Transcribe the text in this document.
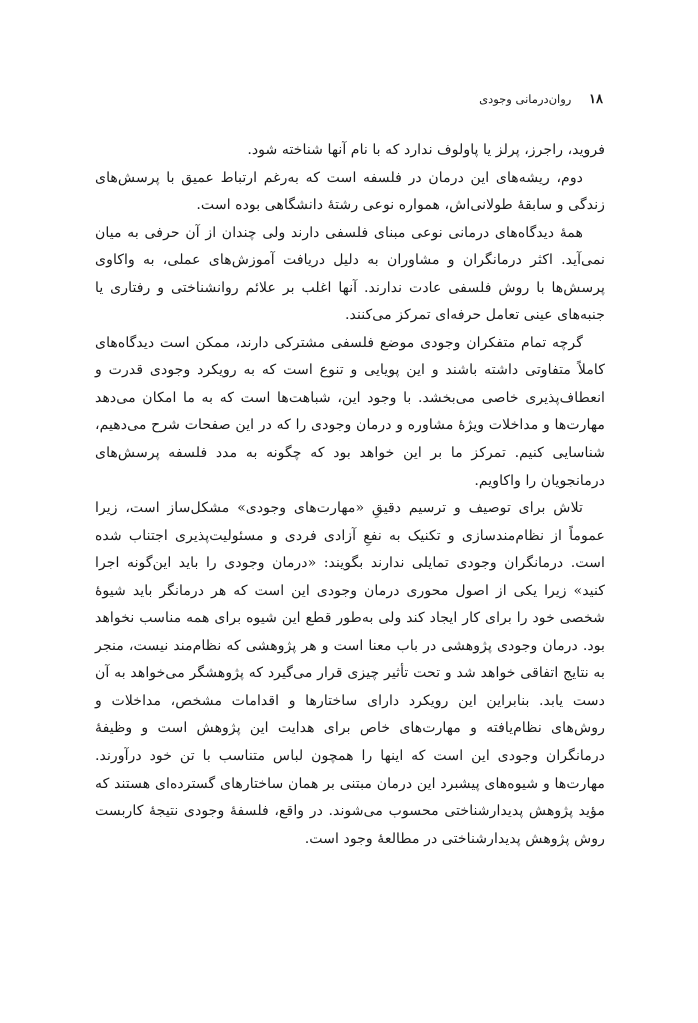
۱۸ روان‌درمانی وجودی

فروید، راجرز، پرلز یا پاولوف ندارد که با نام آنها شناخته شود.

دوم، ریشه‌های این درمان در فلسفه است که به‌رغم ارتباط عمیق با پرسش‌های زندگی و سابقهٔ طولانی‌اش، همواره نوعی رشتهٔ دانشگاهی بوده است.

همهٔ دیدگاه‌های درمانی نوعی مبنای فلسفی دارند ولی چندان از آن حرفی به میان نمی‌آید. اکثر درمانگران و مشاوران به دلیل دریافت آموزش‌های عملی، به واکاوی پرسش‌ها با روش فلسفی عادت ندارند. آنها اغلب بر علائم روانشناختی و رفتاری یا جنبه‌های عینی تعامل حرفه‌ای تمرکز می‌کنند.

گرچه تمام متفکران وجودی موضع فلسفی مشترکی دارند، ممکن است دیدگاه‌های کاملاً متفاوتی داشته باشند و این پویایی و تنوع است که به رویکرد وجودی قدرت و انعطاف‌پذیری خاصی می‌بخشد. با وجود این، شباهت‌ها است که به ما امکان می‌دهد مهارت‌ها و مداخلات ویژهٔ مشاوره و درمان وجودی را که در این صفحات شرح می‌دهیم، شناسایی کنیم. تمرکز ما بر این خواهد بود که چگونه به مدد فلسفه پرسش‌های درمانجویان را واکاویم.

تلاش برای توصیف و ترسیم دقیقِ «مهارت‌های وجودی» مشکل‌ساز است، زیرا عموماً از نظام‌مندسازی و تکنیک به نفعِ آزادی فردی و مسئولیت‌پذیری اجتناب شده است. درمانگران وجودی تمایلی ندارند بگویند: «درمان وجودی را باید این‌گونه اجرا کنید» زیرا یکی از اصول محوری درمان وجودی این است که هر درمانگر باید شیوهٔ شخصی خود را برای کار ایجاد کند ولی به‌طور قطع این شیوه برای همه مناسب نخواهد بود. درمان وجودی پژوهشی در باب معنا است و هر پژوهشی که نظام‌مند نیست، منجر به نتایج اتفاقی خواهد شد و تحت تأثیر چیزی قرار می‌گیرد که پژوهشگر می‌خواهد به آن دست یابد. بنابراین این رویکرد دارای ساختارها و اقدامات مشخص، مداخلات و روش‌های نظام‌یافته و مهارت‌های خاص برای هدایت این پژوهش است و وظیفهٔ درمانگران وجودی این است که اینها را همچون لباس متناسب با تن خود درآورند. مهارت‌ها و شیوه‌های پیشبرد این درمان مبتنی بر همان ساختارهای گسترده‌ای هستند که مؤید پژوهش پدیدارشناختی محسوب می‌شوند. در واقع، فلسفهٔ وجودی نتیجهٔ کاربست روش پژوهش پدیدارشناختی در مطالعهٔ وجود است.
